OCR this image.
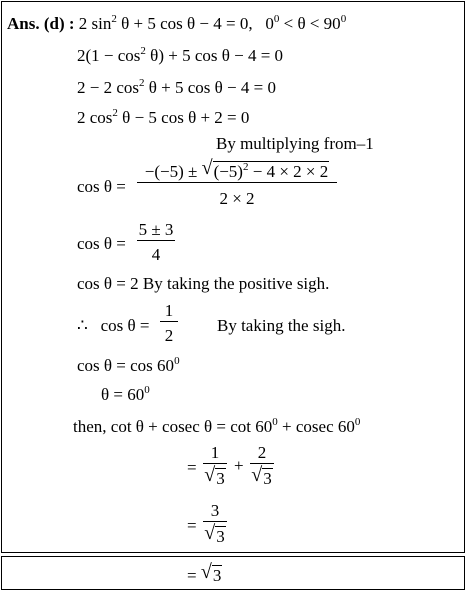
Ans. (d) : 2 $\sin^2 \theta + 5$ cos θ − 4 = 0, $0^0 < \theta < 90^0$
$2(1 - \cos^2 \theta) + 5$ cos θ − 4 = 0
2 − 2 $\cos^2 \theta + 5$ cos θ − 4 = 0
2 $\cos^2 \theta - 5$ cos θ + 2 = 0
By multiplying from–1
cos θ =
−(−5) ± √ $(-5)^2 - 4 \times 2 \times 2$
2 × 2
cos θ =
5 ± 3
4
cos θ = 2 By taking the positive sigh.
∴ cos θ =
1
2
By taking the sigh.
$\cos \theta = \cos 60^0$
$\theta = 60^0$
then, cot θ + cosec $\theta = \cot 60^0 + cosec$ $60^0$
=
1
√ 3
+
2
√ 3
=
3
√ 3
= √ 3
